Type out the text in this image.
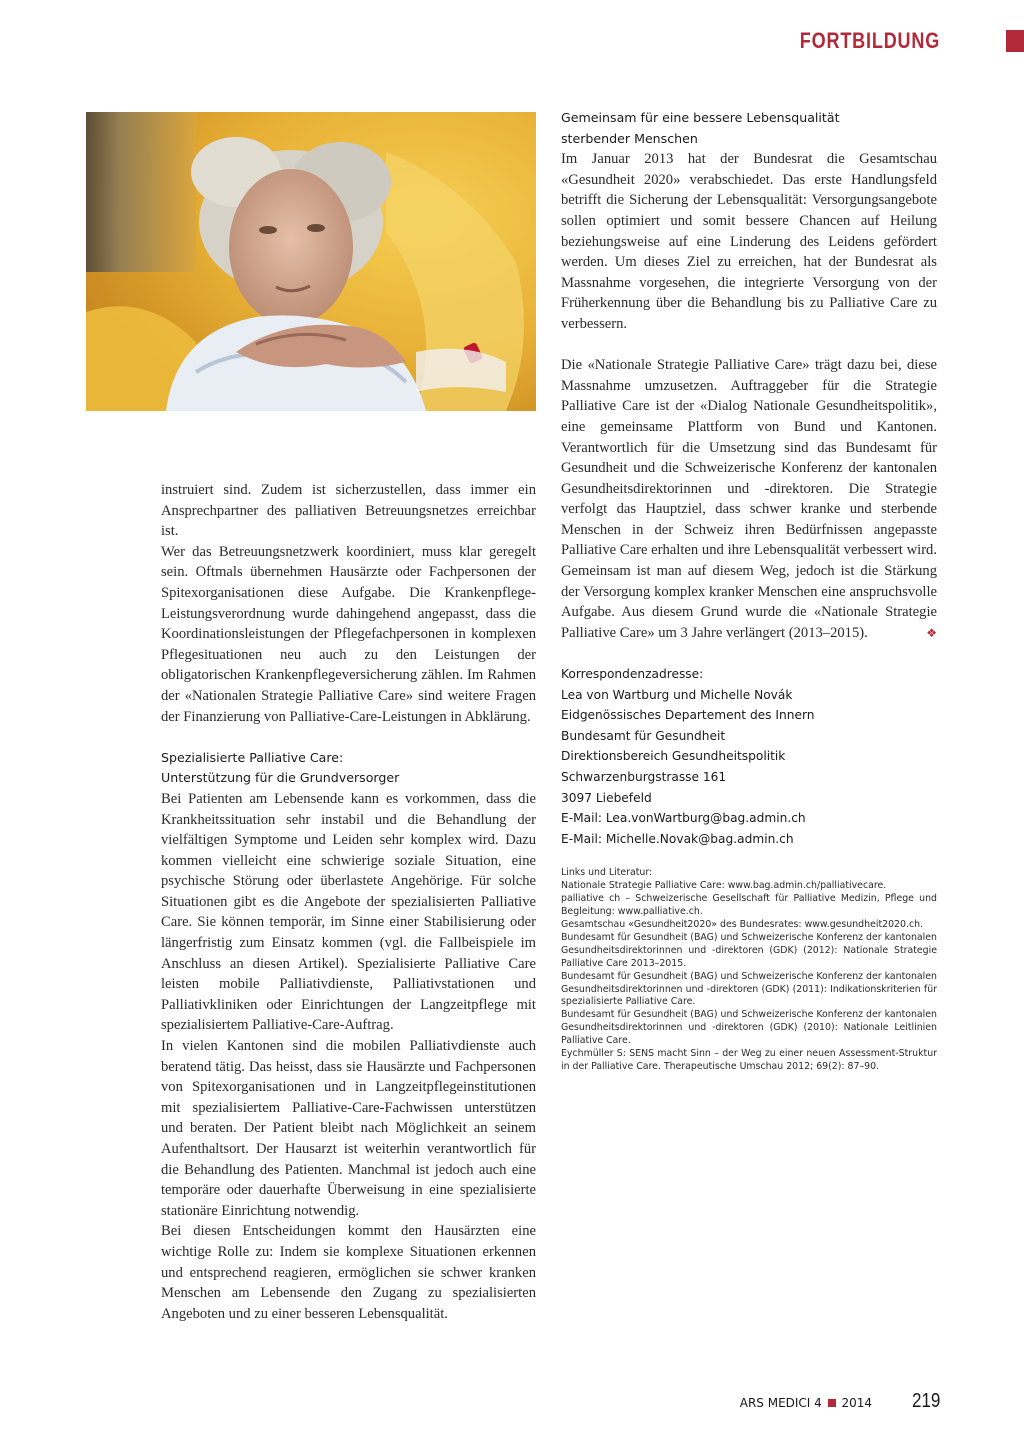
FORTBILDUNG

instruiert sind. Zudem ist sicherzustellen, dass immer ein Ansprechpartner des palliativen Betreuungsnetzes erreichbar ist.

Wer das Betreuungsnetzwerk koordiniert, muss klar geregelt sein. Oftmals übernehmen Hausärzte oder Fachpersonen der Spitexorganisationen diese Aufgabe. Die Krankenpflege-Leistungsverordnung wurde dahingehend angepasst, dass die Koordinationsleistungen der Pflegefachpersonen in komplexen Pflegesituationen neu auch zu den Leistungen der obligatorischen Krankenpflegeversicherung zählen. Im Rahmen der «Nationalen Strategie Palliative Care» sind weitere Fragen der Finanzierung von Palliative-Care-Leistungen in Abklärung.

Spezialisierte Palliative Care:
Unterstützung für die Grundversorger

Bei Patienten am Lebensende kann es vorkommen, dass die Krankheitssituation sehr instabil und die Behandlung der vielfältigen Symptome und Leiden sehr komplex wird. Dazu kommen vielleicht eine schwierige soziale Situation, eine psychische Störung oder überlastete Angehörige. Für solche Situationen gibt es die Angebote der spezialisierten Palliative Care. Sie können temporär, im Sinne einer Stabilisierung oder längerfristig zum Einsatz kommen (vgl. die Fallbeispiele im Anschluss an diesen Artikel). Spezialisierte Palliative Care leisten mobile Palliativdienste, Palliativstationen und Palliativkliniken oder Einrichtungen der Langzeitpflege mit spezialisiertem Palliative-Care-Auftrag.

In vielen Kantonen sind die mobilen Palliativdienste auch beratend tätig. Das heisst, dass sie Hausärzte und Fachpersonen von Spitexorganisationen und in Langzeitpflegeinstitutionen mit spezialisiertem Palliative-Care-Fachwissen unterstützen und beraten. Der Patient bleibt nach Möglichkeit an seinem Aufenthaltsort. Der Hausarzt ist weiterhin verantwortlich für die Behandlung des Patienten. Manchmal ist jedoch auch eine temporäre oder dauerhafte Überweisung in eine spezialisierte stationäre Einrichtung notwendig.

Bei diesen Entscheidungen kommt den Hausärzten eine wichtige Rolle zu: Indem sie komplexe Situationen erkennen und entsprechend reagieren, ermöglichen sie schwer kranken Menschen am Lebensende den Zugang zu spezialisierten Angeboten und zu einer besseren Lebensqualität.

Gemeinsam für eine bessere Lebensqualität
sterbender Menschen

Im Januar 2013 hat der Bundesrat die Gesamtschau «Gesundheit 2020» verabschiedet. Das erste Handlungsfeld betrifft die Sicherung der Lebensqualität: Versorgungsangebote sollen optimiert und somit bessere Chancen auf Heilung beziehungsweise auf eine Linderung des Leidens gefördert werden. Um dieses Ziel zu erreichen, hat der Bundesrat als Massnahme vorgesehen, die integrierte Versorgung von der Früherkennung über die Behandlung bis zu Palliative Care zu verbessern.

Die «Nationale Strategie Palliative Care» trägt dazu bei, diese Massnahme umzusetzen. Auftraggeber für die Strategie Palliative Care ist der «Dialog Nationale Gesundheitspolitik», eine gemeinsame Plattform von Bund und Kantonen. Verantwortlich für die Umsetzung sind das Bundesamt für Gesundheit und die Schweizerische Konferenz der kantonalen Gesundheitsdirektorinnen und -direktoren. Die Strategie verfolgt das Hauptziel, dass schwer kranke und sterbende Menschen in der Schweiz ihren Bedürfnissen angepasste Palliative Care erhalten und ihre Lebensqualität verbessert wird. Gemeinsam ist man auf diesem Weg, jedoch ist die Stärkung der Versorgung komplex kranker Menschen eine anspruchsvolle Aufgabe. Aus diesem Grund wurde die «Nationale Strategie Palliative Care» um 3 Jahre verlängert (2013–2015).	❖

Korrespondenzadresse:
Lea von Wartburg und Michelle Novák
Eidgenössisches Departement des Innern
Bundesamt für Gesundheit
Direktionsbereich Gesundheitspolitik
Schwarzenburgstrasse 161
3097 Liebefeld
E-Mail: Lea.vonWartburg@bag.admin.ch
E-Mail: Michelle.Novak@bag.admin.ch
Links und Literatur:
Nationale Strategie Palliative Care: www.bag.admin.ch/palliativecare.
palliative ch – Schweizerische Gesellschaft für Palliative Medizin, Pflege und Begleitung: www.palliative.ch.
Gesamtschau «Gesundheit2020» des Bundesrates: www.gesundheit2020.ch.
Bundesamt für Gesundheit (BAG) und Schweizerische Konferenz der kantonalen Gesundheitsdirektorinnen und -direktoren (GDK) (2012): Nationale Strategie Palliative Care 2013–2015.
Bundesamt für Gesundheit (BAG) und Schweizerische Konferenz der kantonalen Gesundheitsdirektorinnen und -direktoren (GDK) (2011): Indikationskriterien für spezialisierte Palliative Care.
Bundesamt für Gesundheit (BAG) und Schweizerische Konferenz der kantonalen Gesundheitsdirektorinnen und -direktoren (GDK) (2010): Nationale Leitlinien Palliative Care.
Eychmüller S: SENS macht Sinn – der Weg zu einer neuen Assessment-Struktur in der Palliative Care. Therapeutische Umschau 2012; 69(2): 87–90.
ARS MEDICI 4 2014 219
